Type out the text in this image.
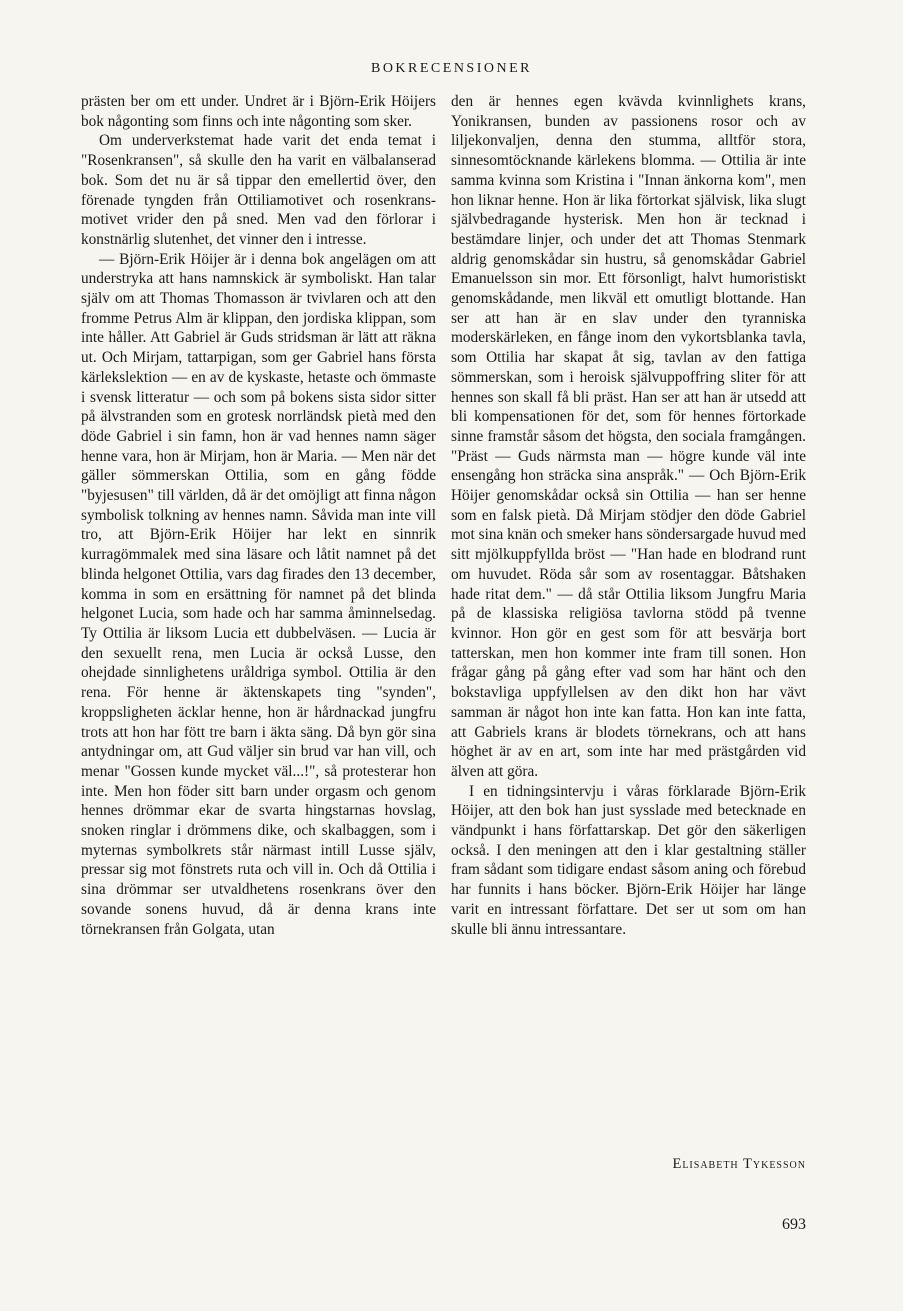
BOKRECENSIONER

prästen ber om ett under. Undret är i Björn-Erik Höijers bok någonting som finns och inte någonting som sker.

Om underverkstemat hade varit det enda temat i "Rosenkransen", så skulle den ha varit en välbalanserad bok. Som det nu är så tippar den emellertid över, den förenade tyngden från Ottiliamotivet och rosenkrans-motivet vrider den på sned. Men vad den förlorar i konstnärlig slutenhet, det vinner den i intresse.

— Björn-Erik Höijer är i denna bok angelägen om att understryka att hans namnskick är symboliskt. Han talar själv om att Thomas Thomasson är tvivlaren och att den fromme Petrus Alm är klippan, den jordiska klippan, som inte håller. Att Gabriel är Guds stridsman är lätt att räkna ut. Och Mirjam, tattarpigan, som ger Gabriel hans första kärlekslektion — en av de kyskaste, hetaste och ömmaste i svensk litteratur — och som på bokens sista sidor sitter på älvstranden som en grotesk norrländsk pietà med den döde Gabriel i sin famn, hon är vad hennes namn säger henne vara, hon är Mirjam, hon är Maria. — Men när det gäller sömmerskan Ottilia, som en gång födde "byjesusen" till världen, då är det omöjligt att finna någon symbolisk tolkning av hennes namn. Såvida man inte vill tro, att Björn-Erik Höijer har lekt en sinnrik kurragömmalek med sina läsare och låtit namnet på det blinda helgonet Ottilia, vars dag firades den 13 december, komma in som en ersättning för namnet på det blinda helgonet Lucia, som hade och har samma åminnelsedag. Ty Ottilia är liksom Lucia ett dubbelväsen. — Lucia är den sexuellt rena, men Lucia är också Lusse, den ohejdade sinnlighetens uråldriga symbol. Ottilia är den rena. För henne är äktenskapets ting "synden", kroppsligheten äcklar henne, hon är hårdnackad jungfru trots att hon har fött tre barn i äkta säng. Då byn gör sina antydningar om, att Gud väljer sin brud var han vill, och menar "Gossen kunde mycket väl...!", så protesterar hon inte. Men hon föder sitt barn under orgasm och genom hennes drömmar ekar de svarta hingstarnas hovslag, snoken ringlar i drömmens dike, och skalbaggen, som i myternas symbolkrets står närmast intill Lusse själv, pressar sig mot fönstrets ruta och vill in. Och då Ottilia i sina drömmar ser utvaldhetens rosenkrans över den sovande sonens huvud, då är denna krans inte törnekransen från Golgata, utan

den är hennes egen kvävda kvinnlighets krans, Yonikransen, bunden av passionens rosor och av liljekonvaljen, denna den stumma, alltför stora, sinnesomtöcknande kärlekens blomma. — Ottilia är inte samma kvinna som Kristina i "Innan änkorna kom", men hon liknar henne. Hon är lika förtorkat självisk, lika slugt självbedragande hysterisk. Men hon är tecknad i bestämdare linjer, och under det att Thomas Stenmark aldrig genomskådar sin hustru, så genomskådar Gabriel Emanuelsson sin mor. Ett försonligt, halvt humoristiskt genomskådande, men likväl ett omutligt blottande. Han ser att han är en slav under den tyranniska moderskärleken, en fånge inom den vykortsblanka tavla, som Ottilia har skapat åt sig, tavlan av den fattiga sömmerskan, som i heroisk självuppoffring sliter för att hennes son skall få bli präst. Han ser att han är utsedd att bli kompensationen för det, som för hennes förtorkade sinne framstår såsom det högsta, den sociala framgången. "Präst — Guds närmsta man — högre kunde väl inte ensengång hon sträcka sina anspråk." — Och Björn-Erik Höijer genomskådar också sin Ottilia — han ser henne som en falsk pietà. Då Mirjam stödjer den döde Gabriel mot sina knän och smeker hans söndersargade huvud med sitt mjölkuppfyllda bröst — "Han hade en blodrand runt om huvudet. Röda sår som av rosentaggar. Båtshaken hade ritat dem." — då står Ottilia liksom Jungfru Maria på de klassiska religiösa tavlorna stödd på tvenne kvinnor. Hon gör en gest som för att besvärja bort tatterskan, men hon kommer inte fram till sonen. Hon frågar gång på gång efter vad som har hänt och den bokstavliga uppfyllelsen av den dikt hon har vävt samman är något hon inte kan fatta. Hon kan inte fatta, att Gabriels krans är blodets törnekrans, och att hans höghet är av en art, som inte har med prästgården vid älven att göra.

I en tidningsintervju i våras förklarade Björn-Erik Höijer, att den bok han just sysslade med betecknade en vändpunkt i hans författarskap. Det gör den säkerligen också. I den meningen att den i klar gestaltning ställer fram sådant som tidigare endast såsom aning och förebud har funnits i hans böcker. Björn-Erik Höijer har länge varit en intressant författare. Det ser ut som om han skulle bli ännu intressantare.

Elisabeth Tykesson
693
